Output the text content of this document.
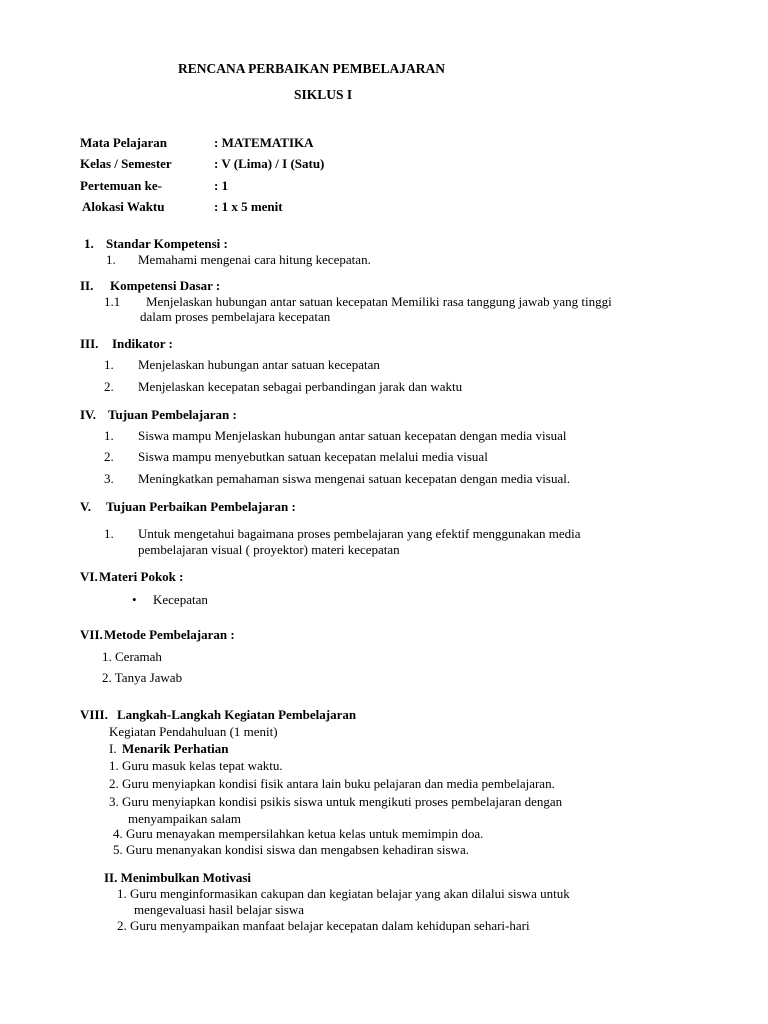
RENCANA PERBAIKAN PEMBELAJARAN
SIKLUS I
Mata Pelajaran	: MATEMATIKA
Kelas / Semester	: V (Lima) / I (Satu)
Pertemuan ke-	: 1
Alokasi Waktu	: 1 x 5 menit
1. Standar Kompetensi :
1. Memahami mengenai cara hitung kecepatan.
II. Kompetensi Dasar :
1.1 Menjelaskan hubungan antar satuan kecepatan Memiliki rasa tanggung jawab yang tinggi
dalam proses pembelajara kecepatan
III. Indikator :
1. Menjelaskan hubungan antar satuan kecepatan
2. Menjelaskan kecepatan sebagai perbandingan jarak dan waktu
IV. Tujuan Pembelajaran :
1. Siswa mampu Menjelaskan hubungan antar satuan kecepatan dengan media visual
2. Siswa mampu menyebutkan satuan kecepatan melalui media visual
3. Meningkatkan pemahaman siswa mengenai satuan kecepatan dengan media visual.
V. Tujuan Perbaikan Pembelajaran :
1. Untuk mengetahui bagaimana proses pembelajaran yang efektif menggunakan media
pembelajaran visual ( proyektor) materi kecepatan
VI. Materi Pokok :
• Kecepatan
VII. Metode Pembelajaran :
1. Ceramah
2. Tanya Jawab
VIII. Langkah-Langkah Kegiatan Pembelajaran
Kegiatan Pendahuluan (1 menit)
I. Menarik Perhatian
1. Guru masuk kelas tepat waktu.
2. Guru menyiapkan kondisi fisik antara lain buku pelajaran dan media pembelajaran.
3. Guru menyiapkan kondisi psikis siswa untuk mengikuti proses pembelajaran dengan
menyampaikan salam
4. Guru menayakan mempersilahkan ketua kelas untuk memimpin doa.
5. Guru menanyakan kondisi siswa dan mengabsen kehadiran siswa.
II. Menimbulkan Motivasi
1. Guru menginformasikan cakupan dan kegiatan belajar yang akan dilalui siswa untuk
mengevaluasi hasil belajar siswa
2. Guru menyampaikan manfaat belajar kecepatan dalam kehidupan sehari-hari
